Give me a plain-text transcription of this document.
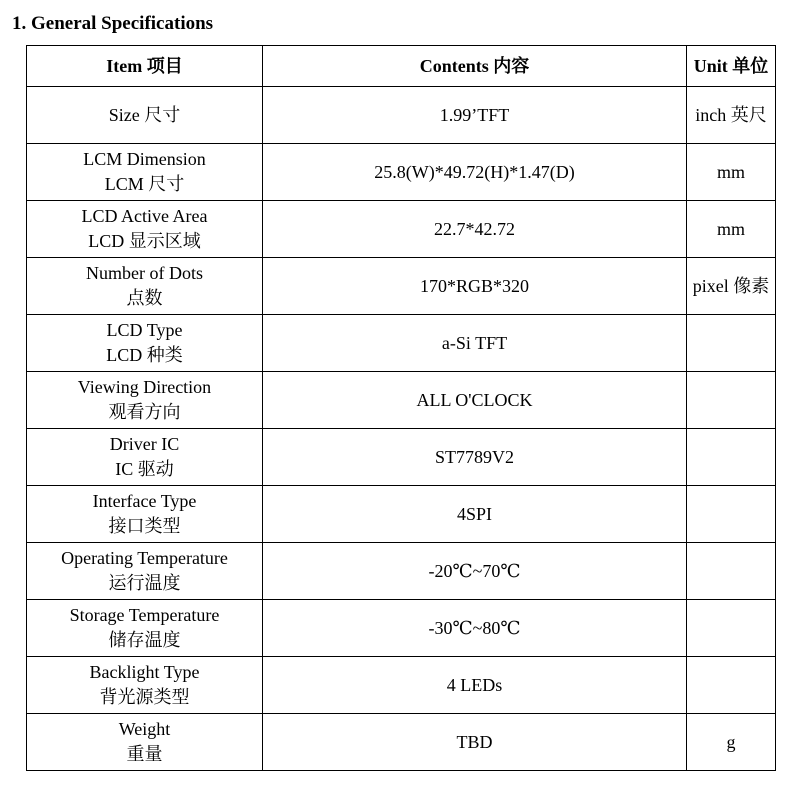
1. General Specifications
Item 项目	Contents 内容	Unit 单位

Size 尺寸	1.99’TFT	inch 英尺

LCM Dimension
LCM 尺寸	25.8(W)*49.72(H)*1.47(D)	mm

LCD Active Area
LCD 显示区域	22.7*42.72	mm

Number of Dots
点数	170*RGB*320	pixel 像素

LCD Type
LCD 种类	a-Si TFT	

Viewing Direction
观看方向	ALL O'CLOCK	

Driver IC
IC 驱动	ST7789V2	

Interface Type
接口类型	4SPI	

Operating Temperature
运行温度	-20℃~70℃	

Storage Temperature
储存温度	-30℃~80℃	

Backlight Type
背光源类型	4 LEDs	

Weight
重量	TBD	g
